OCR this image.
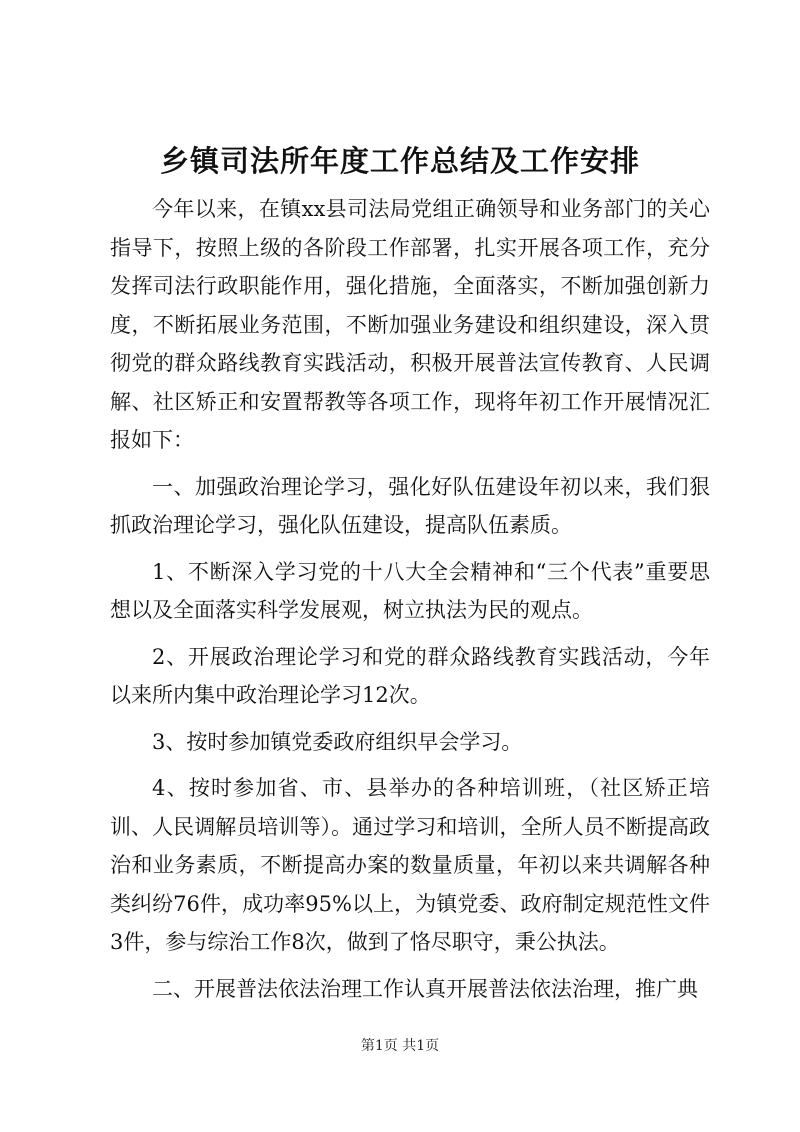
乡镇司法所年度工作总结及工作安排

今年以来，在镇xx县司法局党组正确领导和业务部门的关心指导下，按照上级的各阶段工作部署，扎实开展各项工作，充分发挥司法行政职能作用，强化措施，全面落实，不断加强创新力度，不断拓展业务范围，不断加强业务建设和组织建设，深入贯彻党的群众路线教育实践活动，积极开展普法宣传教育、人民调解、社区矫正和安置帮教等各项工作，现将年初工作开展情况汇报如下：

一、加强政治理论学习，强化好队伍建设年初以来，我们狠抓政治理论学习，强化队伍建设，提高队伍素质。

1、不断深入学习党的十八大全会精神和“三个代表”重要思想以及全面落实科学发展观，树立执法为民的观点。

2、开展政治理论学习和党的群众路线教育实践活动，今年以来所内集中政治理论学习12次。

3、按时参加镇党委政府组织早会学习。

4、按时参加省、市、县举办的各种培训班，（社区矫正培训、人民调解员培训等）。通过学习和培训，全所人员不断提高政治和业务素质，不断提高办案的数量质量，年初以来共调解各种类纠纷76件，成功率95%以上，为镇党委、政府制定规范性文件3件，参与综治工作8次，做到了恪尽职守，秉公执法。

二、开展普法依法治理工作认真开展普法依法治理，推广典

第1页 共1页
